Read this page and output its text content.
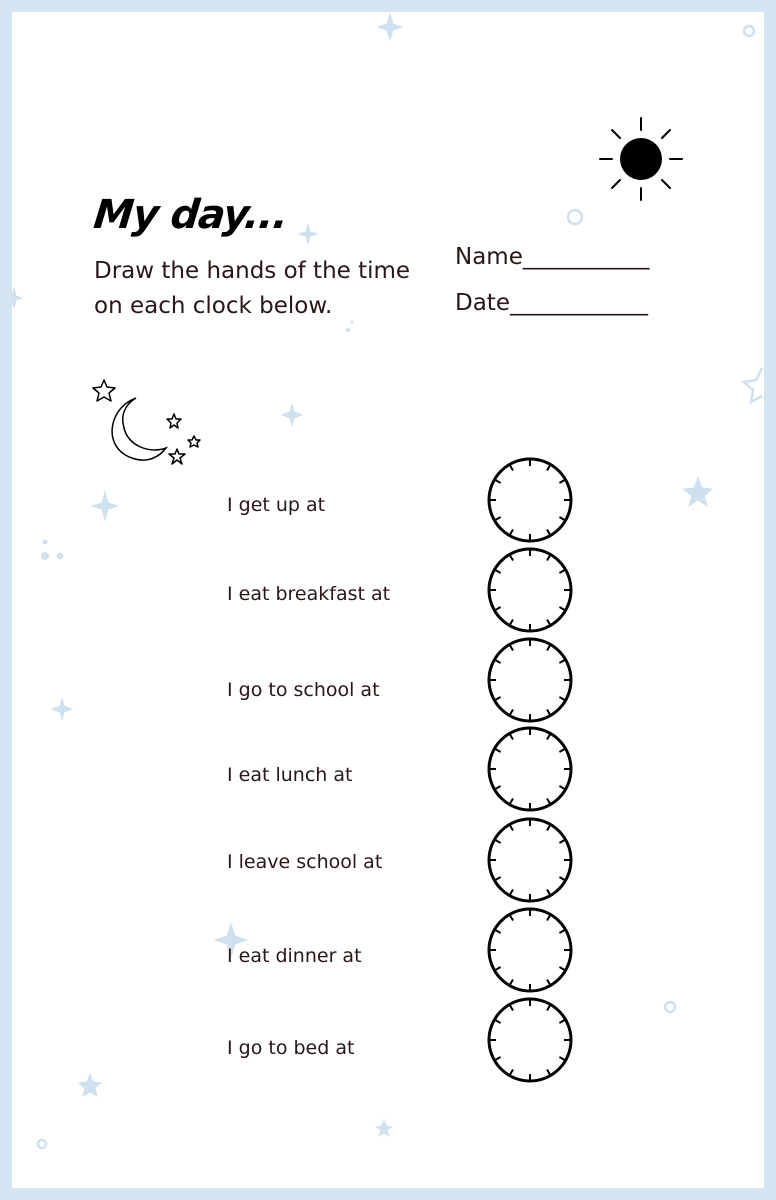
My day...
Draw the hands of the time on each clock below.
Name___________
Date____________
I get up at
I eat breakfast at
I go to school at
I eat lunch at
I leave school at
I eat dinner at
I go to bed at
